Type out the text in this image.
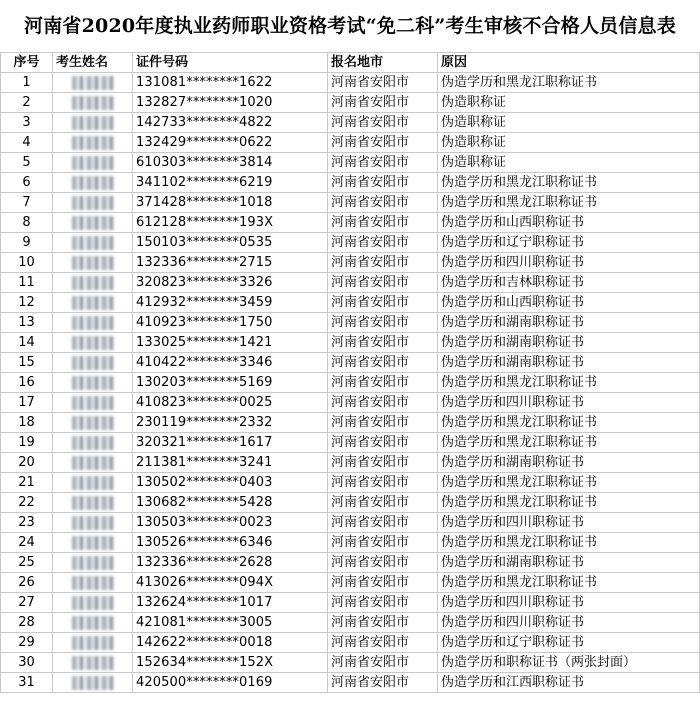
河南省2020年度执业药师职业资格考试“免二科”考生审核不合格人员信息表
序号	考生姓名	证件号码	报名地市	原因
1		131081********1622	河南省安阳市	伪造学历和黑龙江职称证书
2		132827********1020	河南省安阳市	伪造职称证
3		142733********4822	河南省安阳市	伪造职称证
4		132429********0622	河南省安阳市	伪造职称证
5		610303********3814	河南省安阳市	伪造职称证
6		341102********6219	河南省安阳市	伪造学历和黑龙江职称证书
7		371428********1018	河南省安阳市	伪造学历和黑龙江职称证书
8		612128********193X	河南省安阳市	伪造学历和山西职称证书
9		150103********0535	河南省安阳市	伪造学历和辽宁职称证书
10		132336********2715	河南省安阳市	伪造学历和四川职称证书
11		320823********3326	河南省安阳市	伪造学历和吉林职称证书
12		412932********3459	河南省安阳市	伪造学历和山西职称证书
13		410923********1750	河南省安阳市	伪造学历和湖南职称证书
14		133025********1421	河南省安阳市	伪造学历和湖南职称证书
15		410422********3346	河南省安阳市	伪造学历和湖南职称证书
16		130203********5169	河南省安阳市	伪造学历和黑龙江职称证书
17		410823********0025	河南省安阳市	伪造学历和四川职称证书
18		230119********2332	河南省安阳市	伪造学历和黑龙江职称证书
19		320321********1617	河南省安阳市	伪造学历和黑龙江职称证书
20		211381********3241	河南省安阳市	伪造学历和湖南职称证书
21		130502********0403	河南省安阳市	伪造学历和黑龙江职称证书
22		130682********5428	河南省安阳市	伪造学历和黑龙江职称证书
23		130503********0023	河南省安阳市	伪造学历和四川职称证书
24		130526********6346	河南省安阳市	伪造学历和黑龙江职称证书
25		132336********2628	河南省安阳市	伪造学历和湖南职称证书
26		413026********094X	河南省安阳市	伪造学历和黑龙江职称证书
27		132624********1017	河南省安阳市	伪造学历和四川职称证书
28		421081********3005	河南省安阳市	伪造学历和四川职称证书
29		142622********0018	河南省安阳市	伪造学历和辽宁职称证书
30		152634********152X	河南省安阳市	伪造学历和职称证书（两张封面）
31		420500********0169	河南省安阳市	伪造学历和江西职称证书
